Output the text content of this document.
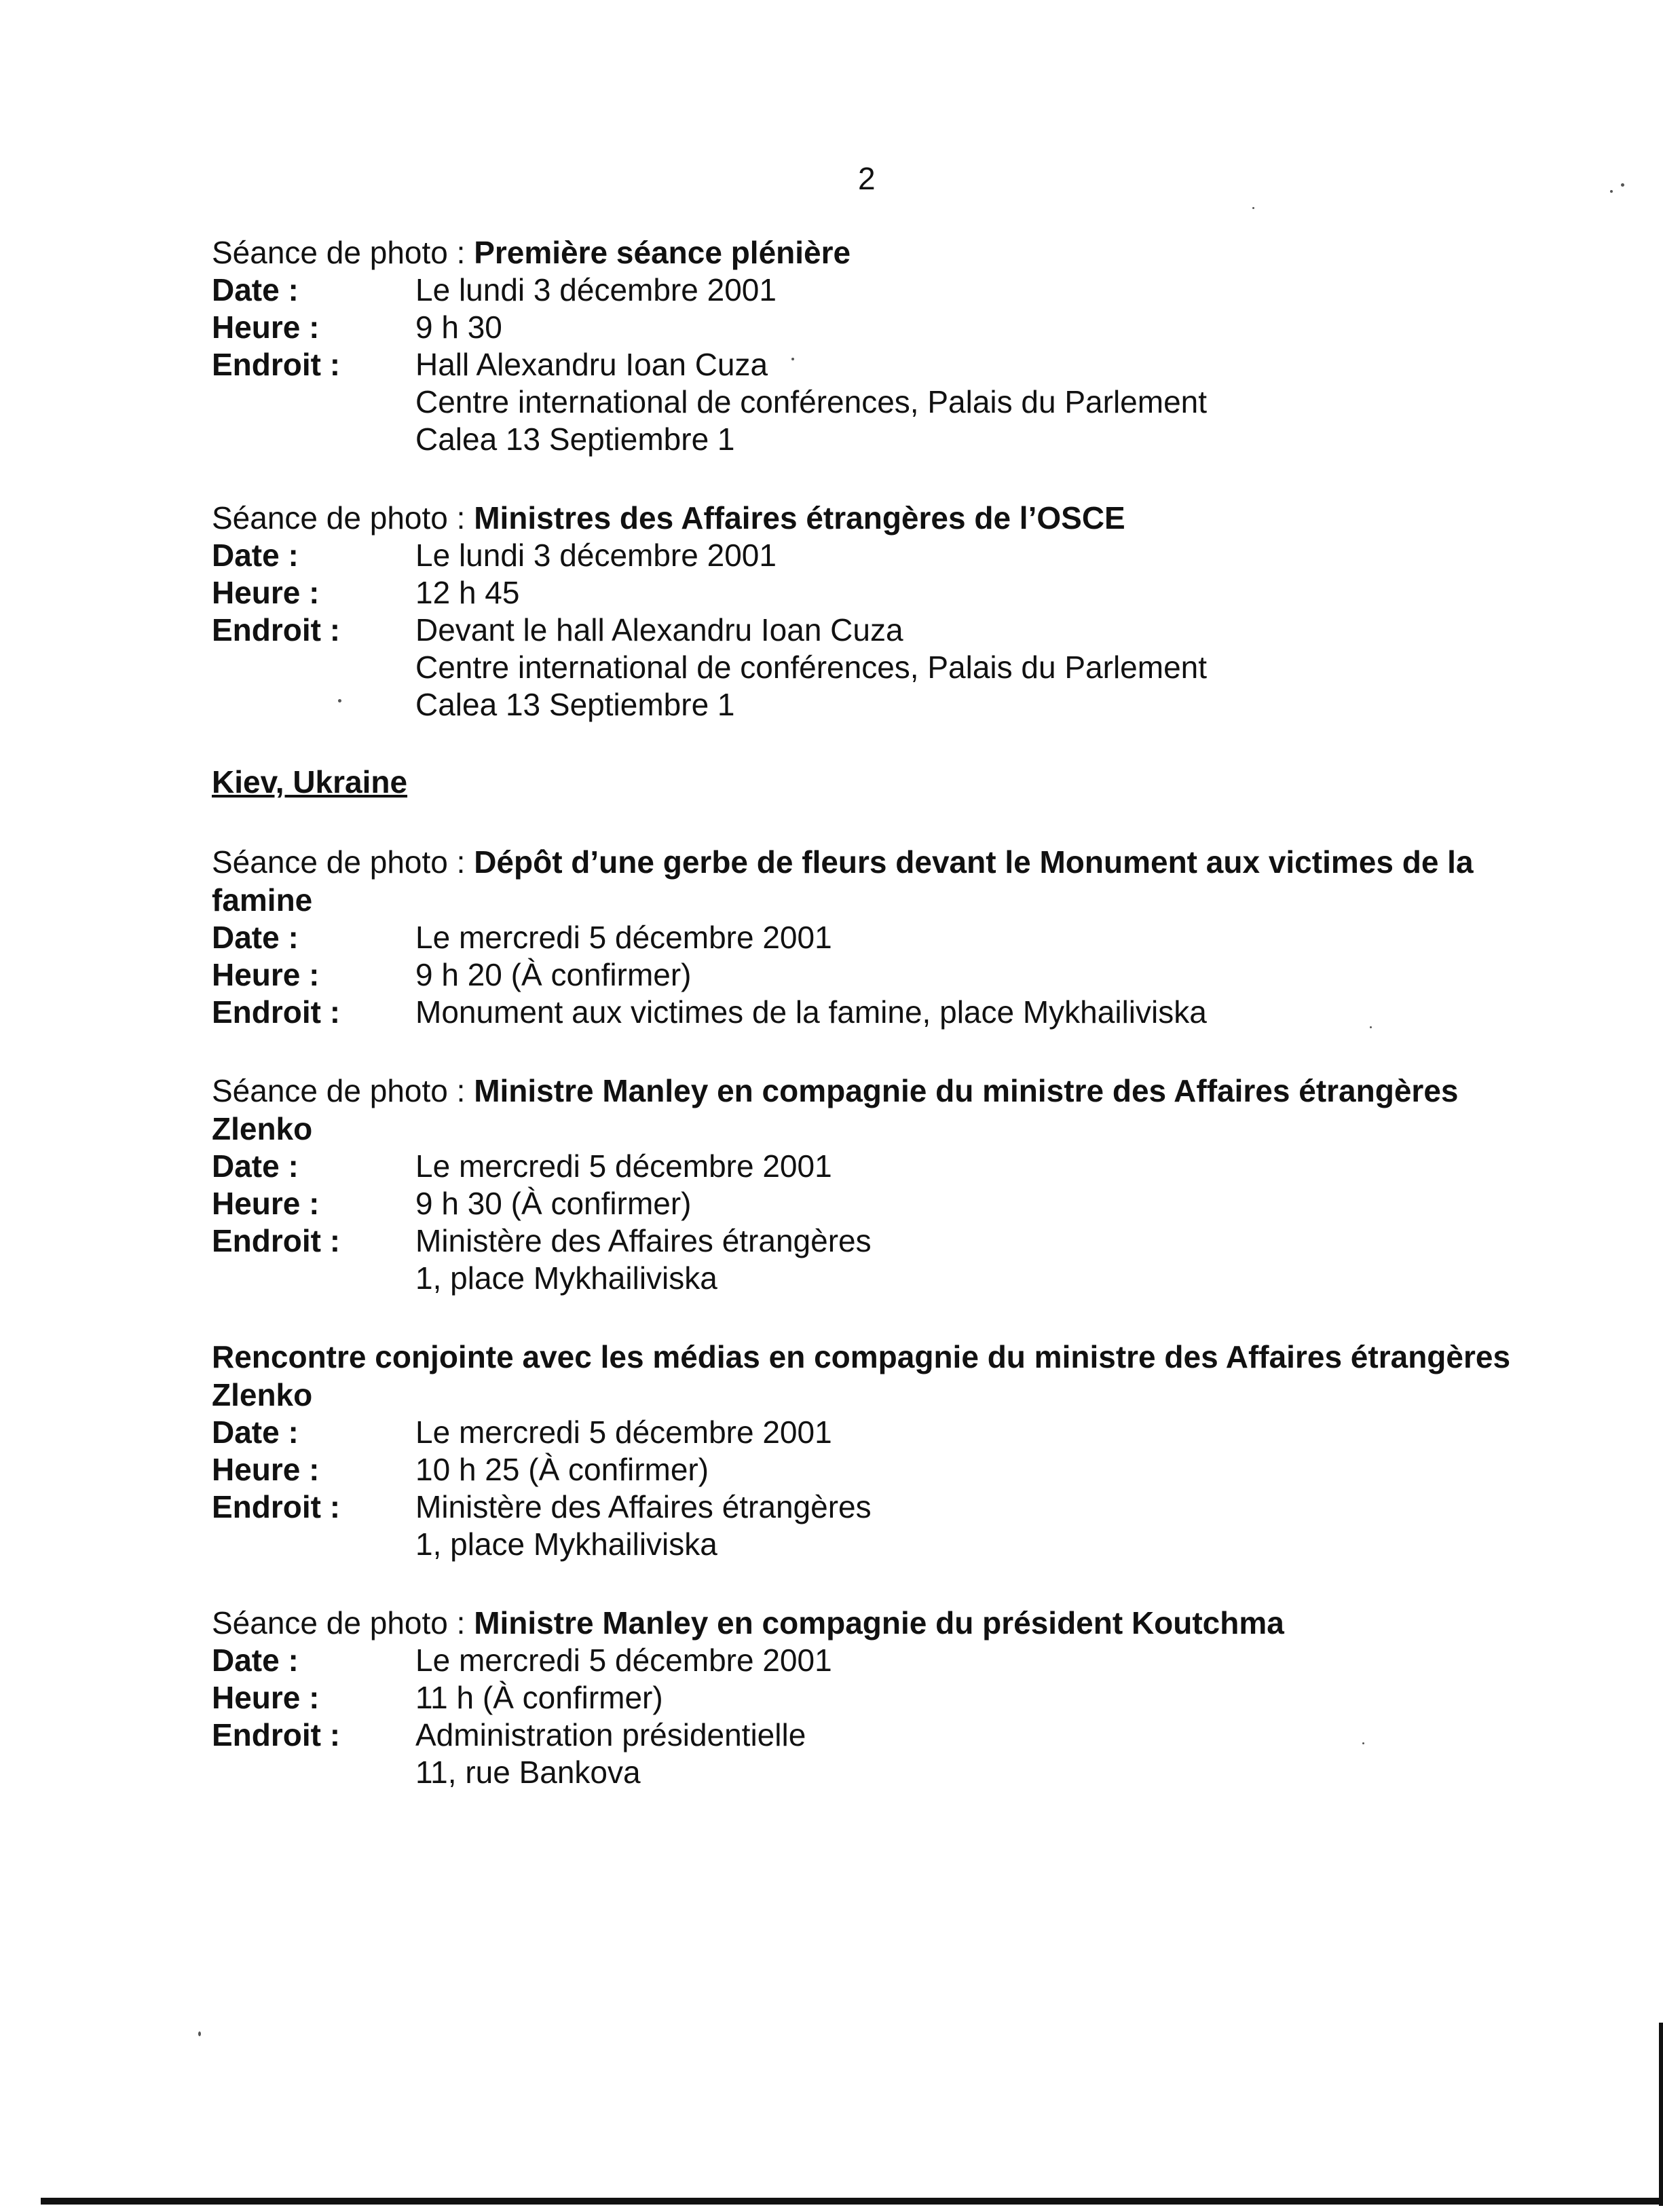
2
Séance de photo : Première séance plénière
Date :	Le lundi 3 décembre 2001
Heure :	9 h 30
Endroit :	Hall Alexandru Ioan Cuza
Centre international de conférences, Palais du Parlement
Calea 13 Septiembre 1
Séance de photo : Ministres des Affaires étrangères de l’OSCE
Date :	Le lundi 3 décembre 2001
Heure :	12 h 45
Endroit :	Devant le hall Alexandru Ioan Cuza
Centre international de conférences, Palais du Parlement
Calea 13 Septiembre 1
Kiev, Ukraine
Séance de photo : Dépôt d’une gerbe de fleurs devant le Monument aux victimes de la famine
Date :	Le mercredi 5 décembre 2001
Heure :	9 h 20 (À confirmer)
Endroit :	Monument aux victimes de la famine, place Mykhailiviska
Séance de photo : Ministre Manley en compagnie du ministre des Affaires étrangères Zlenko
Date :	Le mercredi 5 décembre 2001
Heure :	9 h 30 (À confirmer)
Endroit :	Ministère des Affaires étrangères
1, place Mykhailiviska
Rencontre conjointe avec les médias en compagnie du ministre des Affaires étrangères Zlenko
Date :	Le mercredi 5 décembre 2001
Heure :	10 h 25 (À confirmer)
Endroit :	Ministère des Affaires étrangères
1, place Mykhailiviska
Séance de photo : Ministre Manley en compagnie du président Koutchma
Date :	Le mercredi 5 décembre 2001
Heure :	11 h (À confirmer)
Endroit :	Administration présidentielle
11, rue Bankova
